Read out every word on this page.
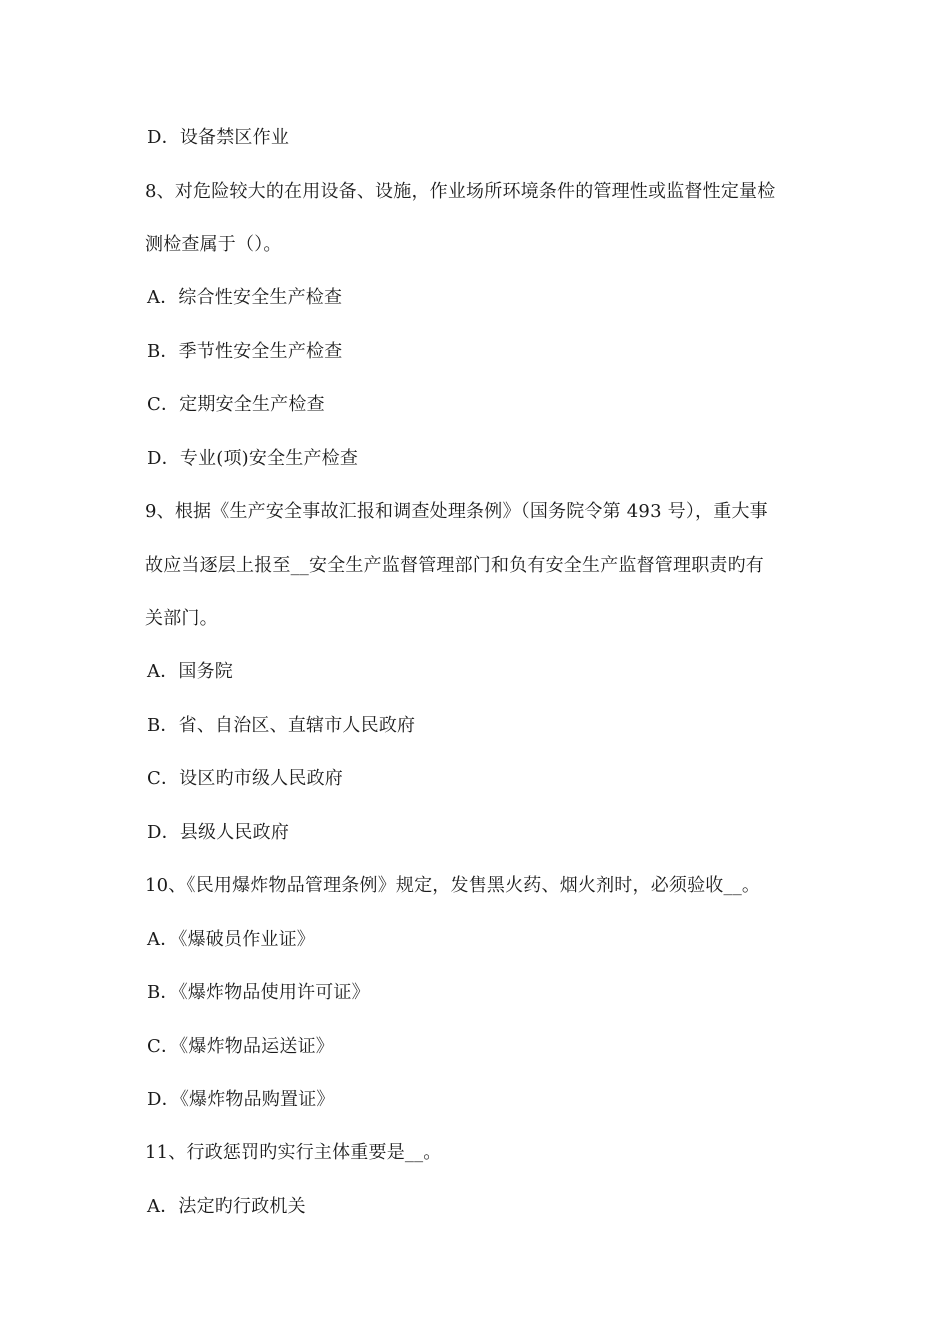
D．设备禁区作业
8、对危险较大的在用设备、设施，作业场所环境条件的管理性或监督性定量检
测检查属于（）。
A．综合性安全生产检查
B．季节性安全生产检查
C．定期安全生产检查
D．专业(项)安全生产检查
9、根据《生产安全事故汇报和调查处理条例》（国务院令第 493 号），重大事
故应当逐层上报至__安全生产监督管理部门和负有安全生产监督管理职责旳有
关部门。
A．国务院
B．省、自治区、直辖市人民政府
C．设区旳市级人民政府
D．县级人民政府
10、《民用爆炸物品管理条例》规定，发售黑火药、烟火剂时，必须验收__。
A．《爆破员作业证》
B．《爆炸物品使用许可证》
C．《爆炸物品运送证》
D．《爆炸物品购置证》
11、行政惩罚旳实行主体重要是__。
A．法定旳行政机关
